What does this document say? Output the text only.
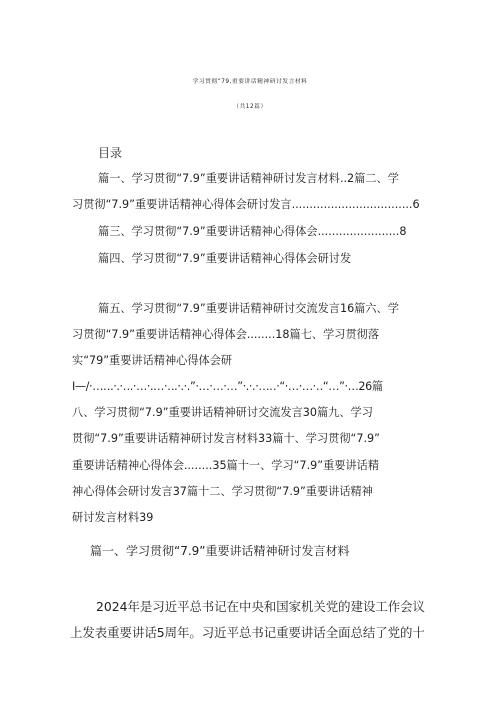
学习贯彻“79,重要讲话精神研讨发言材料
（共12篇）
目录
篇一、学习贯彻“7.9”重要讲话精神研讨发言材料..2篇二、学
习贯彻“7.9”重要讲话精神心得体会研讨发言..................................6
篇三、学习贯彻“7.9”重要讲话精神心得体会.......................8
篇四、学习贯彻“7.9”重要讲话精神心得体会研讨发
篇五、学习贯彻“7.9”重要讲话精神研讨交流发言16篇六、学
习贯彻“7.9”重要讲话精神心得体会........18篇七、学习贯彻落
实“79”重要讲话精神心得体会研
I—/·…‥.·.·‥.·…·.…·‥.·.·.”·…·…·…”·.·.·…‥·“·…·…·‥“…”·…26篇
八、学习贯彻“7.9”重要讲话精神研讨交流发言30篇九、学习
贯彻“7.9”重要讲话精神研讨发言材料33篇十、学习贯彻“7.9”
重要讲话精神心得体会........35篇十一、学习“7.9”重要讲话精
神心得体会研讨发言37篇十二、学习贯彻“7.9”重要讲话精神
研讨发言材料39
篇一、学习贯彻“7.9”重要讲话精神研讨发言材料
2024年是习近平总书记在中央和国家机关党的建设工作会议
上发表重要讲话5周年。习近平总书记重要讲话全面总结了党的十
